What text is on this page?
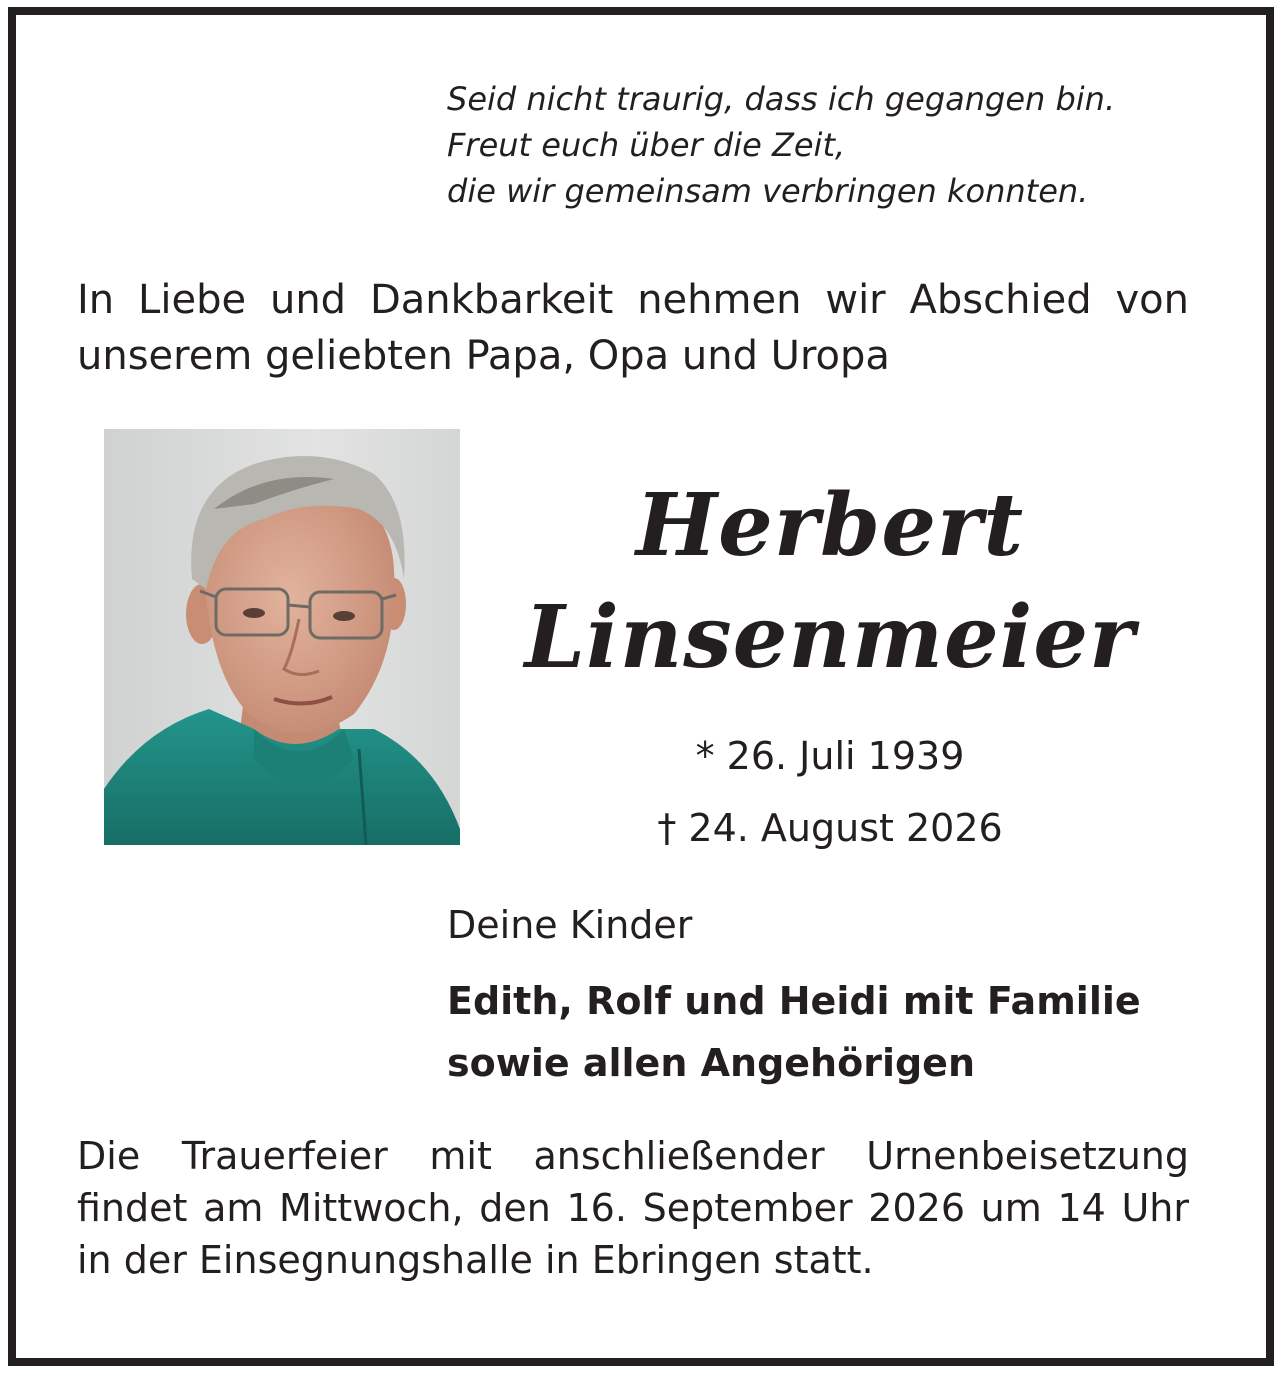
Seid nicht traurig, dass ich gegangen bin.
Freut euch über die Zeit,
die wir gemeinsam verbringen konnten.

In Liebe und Dankbarkeit nehmen wir Abschied von unserem geliebten Papa, Opa und Uropa

Herbert
Linsenmeier
* 26. Juli 1939
† 24. August 2026

Deine Kinder

Edith, Rolf und Heidi mit Familie
sowie allen Angehörigen

Die Trauerfeier mit anschließender Urnenbeisetzung findet am Mittwoch, den 16. September 2026 um 14 Uhr in der Einsegnungshalle in Ebringen statt.
